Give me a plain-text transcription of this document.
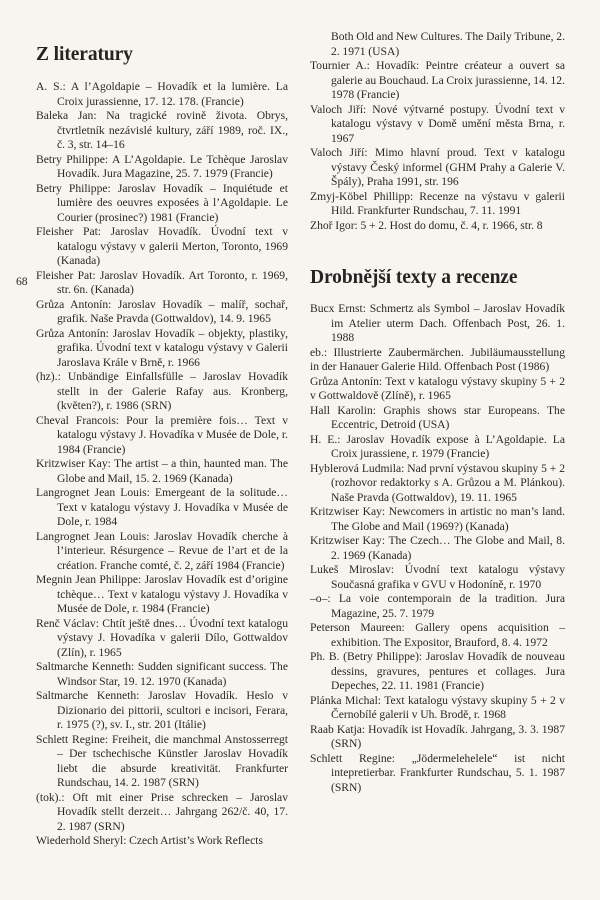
68
Z literatury

A. S.: A l’Agoldapie – Hovadík et la lumière. La Croix jurassienne, 17. 12. 178. (Francie)

Baleka Jan: Na tragické rovině života. Obrys, čtvrtletník nezávislé kultury, září 1989, roč. IX., č. 3, str. 14–16

Betry Philippe: A L’Agoldapie. Le Tchèque Jaroslav Hovadík. Jura Magazine, 25. 7. 1979 (Francie)

Betry Philippe: Jaroslav Hovadík – Inquiétude et lumière des oeuvres exposées à l’Agoldapie. Le Courier (prosinec?) 1981 (Francie)

Fleisher Pat: Jaroslav Hovadík. Úvodní text v katalogu výstavy v galerii Merton, Toronto, 1969 (Kanada)

Fleisher Pat: Jaroslav Hovadík. Art Toronto, r. 1969, str. 6n. (Kanada)

Grůza Antonín: Jaroslav Hovadík – malíř, sochař, grafik. Naše Pravda (Gottwaldov), 14. 9. 1965

Grůza Antonín: Jaroslav Hovadík – objekty, plastiky, grafika. Úvodní text v katalogu výstavy v Galerii Jaroslava Krále v Brně, r. 1966

(hz).: Unbändige Einfallsfülle – Jaroslav Hovadík stellt in der Galerie Rafay aus. Kronberg, (květen?), r. 1986 (SRN)

Cheval Francois: Pour la première fois… Text v katalogu výstavy J. Hovadíka v Musée de Dole, r. 1984 (Francie)

Kritzwiser Kay: The artist – a thin, haunted man. The Globe and Mail, 15. 2. 1969 (Kanada)

Langrognet Jean Louis: Emergeant de la solitude… Text v katalogu výstavy J. Hovadíka v Musée de Dole, r. 1984

Langrognet Jean Louis: Jaroslav Hovadík cherche à l’interieur. Résurgence – Revue de l’art et de la création. Franche comté, č. 2, září 1984 (Francie)

Megnin Jean Philippe: Jaroslav Hovadík est d’origine tchèque… Text v katalogu výstavy J. Hovadíka v Musée de Dole, r. 1984 (Francie)

Renč Václav: Chtít ještě dnes… Úvodní text katalogu výstavy J. Hovadíka v galerii Dílo, Gottwaldov (Zlín), r. 1965

Saltmarche Kenneth: Sudden significant success. The Windsor Star, 19. 12. 1970 (Kanada)

Saltmarche Kenneth: Jaroslav Hovadík. Heslo v Dizionario dei pittorii, scultori e incisori, Ferara, r. 1975 (?), sv. I., str. 201 (Itálie)

Schlett Regine: Freiheit, die manchmal Anstosserregt – Der tschechische Künstler Jaroslav Hovadík liebt die absurde kreativität. Frankfurter Rundschau, 14. 2. 1987 (SRN)

(tok).: Oft mit einer Prise schrecken – Jaroslav Hovadík stellt derzeit… Jahrgang 262/č. 40, 17. 2. 1987 (SRN)

Wiederhold Sheryl: Czech Artist’s Work Reflects

Both Old and New Cultures. The Daily Tribune, 2. 2. 1971 (USA)

Tournier A.: Hovadík: Peintre créateur a ouvert sa galerie au Bouchaud. La Croix jurassienne, 14. 12. 1978 (Francie)

Valoch Jiří: Nové výtvarné postupy. Úvodní text v katalogu výstavy v Domě umění města Brna, r. 1967

Valoch Jiří: Mimo hlavní proud. Text v katalogu výstavy Český informel (GHM Prahy a Galerie V. Špály), Praha 1991, str. 196

Zmyj-Köbel Phillipp: Recenze na výstavu v galerii Hild. Frankfurter Rundschau, 7. 11. 1991

Zhoř Igor: 5 + 2. Host do domu, č. 4, r. 1966, str. 8

Drobnější texty a recenze

Bucx Ernst: Schmertz als Symbol – Jaroslav Hovadík im Atelier uterm Dach. Offenbach Post, 26. 1. 1988

eb.: Illustrierte Zaubermärchen. Jubiläumausstellung in der Hanauer Galerie Hild. Offenbach Post (1986)

Grůza Antonín: Text v katalogu výstavy skupiny 5 + 2 v Gottwaldově (Zlíně), r. 1965

Hall Karolin: Graphis shows star Europeans. The Eccentric, Detroid (USA)

H. E.: Jaroslav Hovadík expose à L’Agoldapie. La Croix jurassiene, r. 1979 (Francie)

Hyblerová Ludmila: Nad první výstavou skupiny 5 + 2 (rozhovor redaktorky s A. Grůzou a M. Plánkou). Naše Pravda (Gottwaldov), 19. 11. 1965

Kritzwiser Kay: Newcomers in artistic no man’s land. The Globe and Mail (1969?) (Kanada)

Kritzwiser Kay: The Czech… The Globe and Mail, 8. 2. 1969 (Kanada)

Lukeš Miroslav: Úvodní text katalogu výstavy Současná grafika v GVU v Hodoníně, r. 1970

–o–: La voie contemporain de la tradition. Jura Magazine, 25. 7. 1979

Peterson Maureen: Gallery opens acquisition – exhibition. The Expositor, Brauford, 8. 4. 1972

Ph. B. (Betry Philippe): Jaroslav Hovadík de nouveau dessins, gravures, pentures et collages. Jura Depeches, 22. 11. 1981 (Francie)

Plánka Michal: Text katalogu výstavy skupiny 5 + 2 v Černobílé galerii v Uh. Brodě, r. 1968

Raab Katja: Hovadík ist Hovadík. Jahrgang, 3. 3. 1987 (SRN)

Schlett Regine: „Jödermelehelele“ ist nicht intepretierbar. Frankfurter Rundschau, 5. 1. 1987 (SRN)
